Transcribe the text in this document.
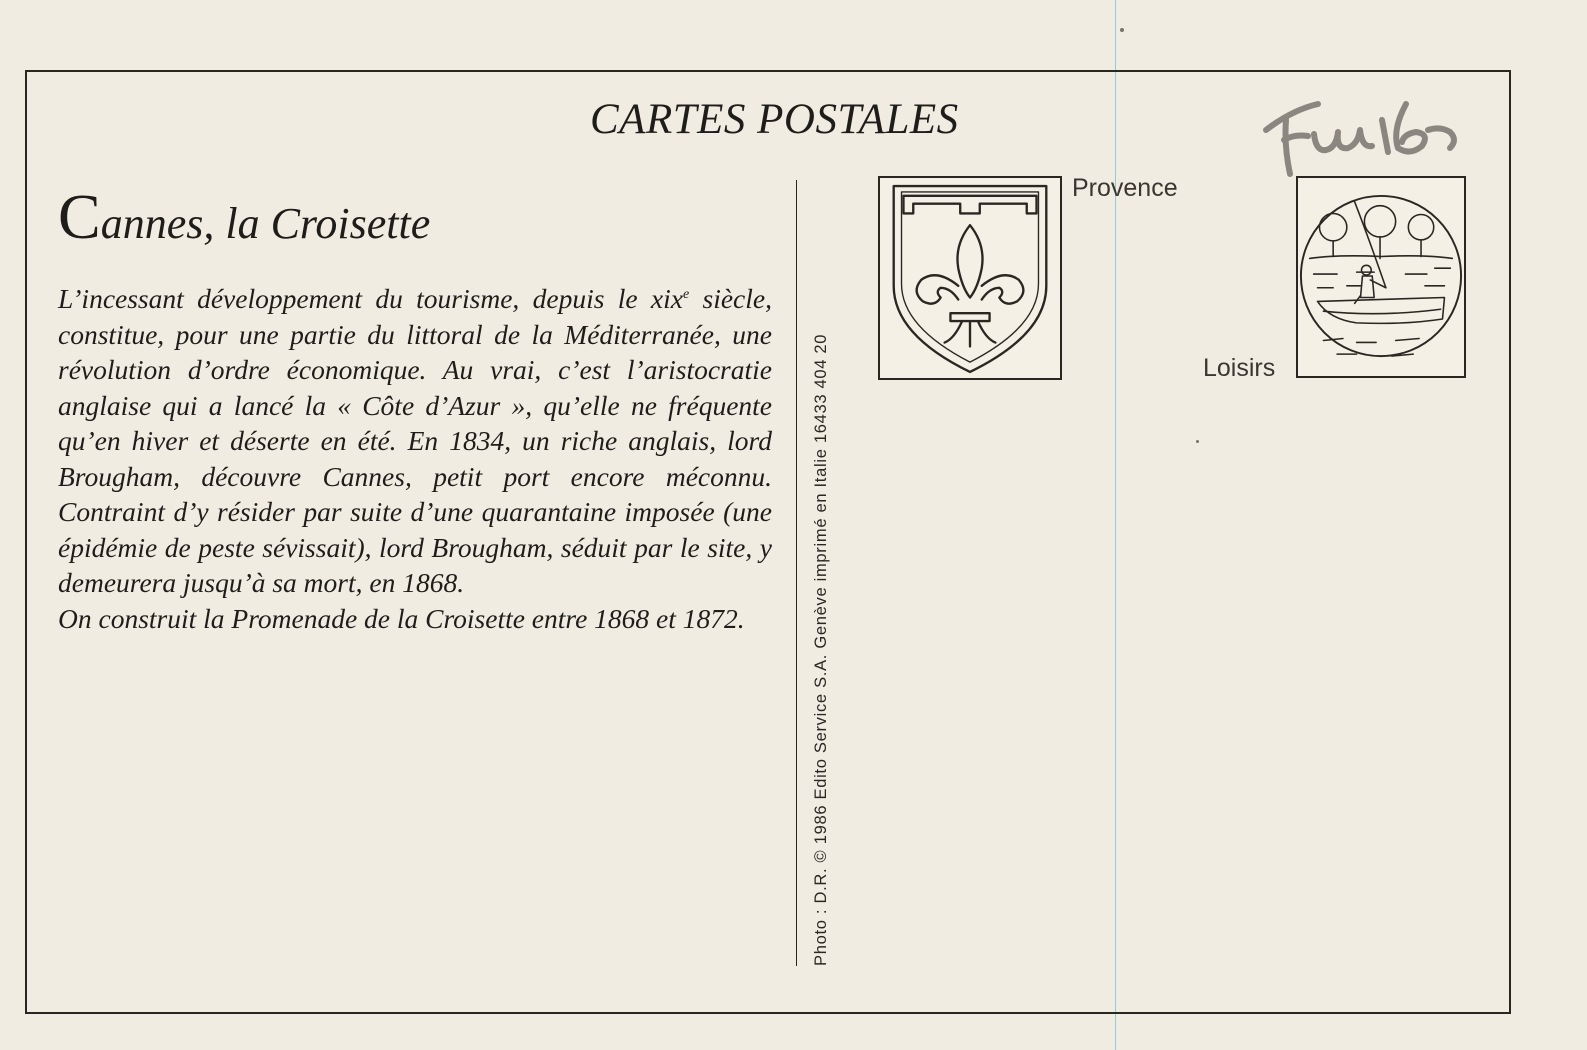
CARTES POSTALES
Cannes, la Croisette

L’incessant développement du tourisme, depuis le xix$^e$ siècle, constitue, pour une partie du littoral de la Méditerranée, une révolution d’ordre économique. Au vrai, c’est l’aristocratie anglaise qui a lancé la « Côte d’Azur », qu’elle ne fréquente qu’en hiver et déserte en été. En 1834, un riche anglais, lord Brougham, découvre Cannes, petit port encore méconnu. Contraint d’y résider par suite d’une quarantaine imposée (une épidémie de peste sévissait), lord Brougham, séduit par le site, y demeurera jusqu’à sa mort, en 1868.

On construit la Promenade de la Croisette entre 1868 et 1872.	Photo : D.R. © 1986 Edito Service S.A. Genève imprimé en Italie 16433 404 20
Provence
Loisirs
